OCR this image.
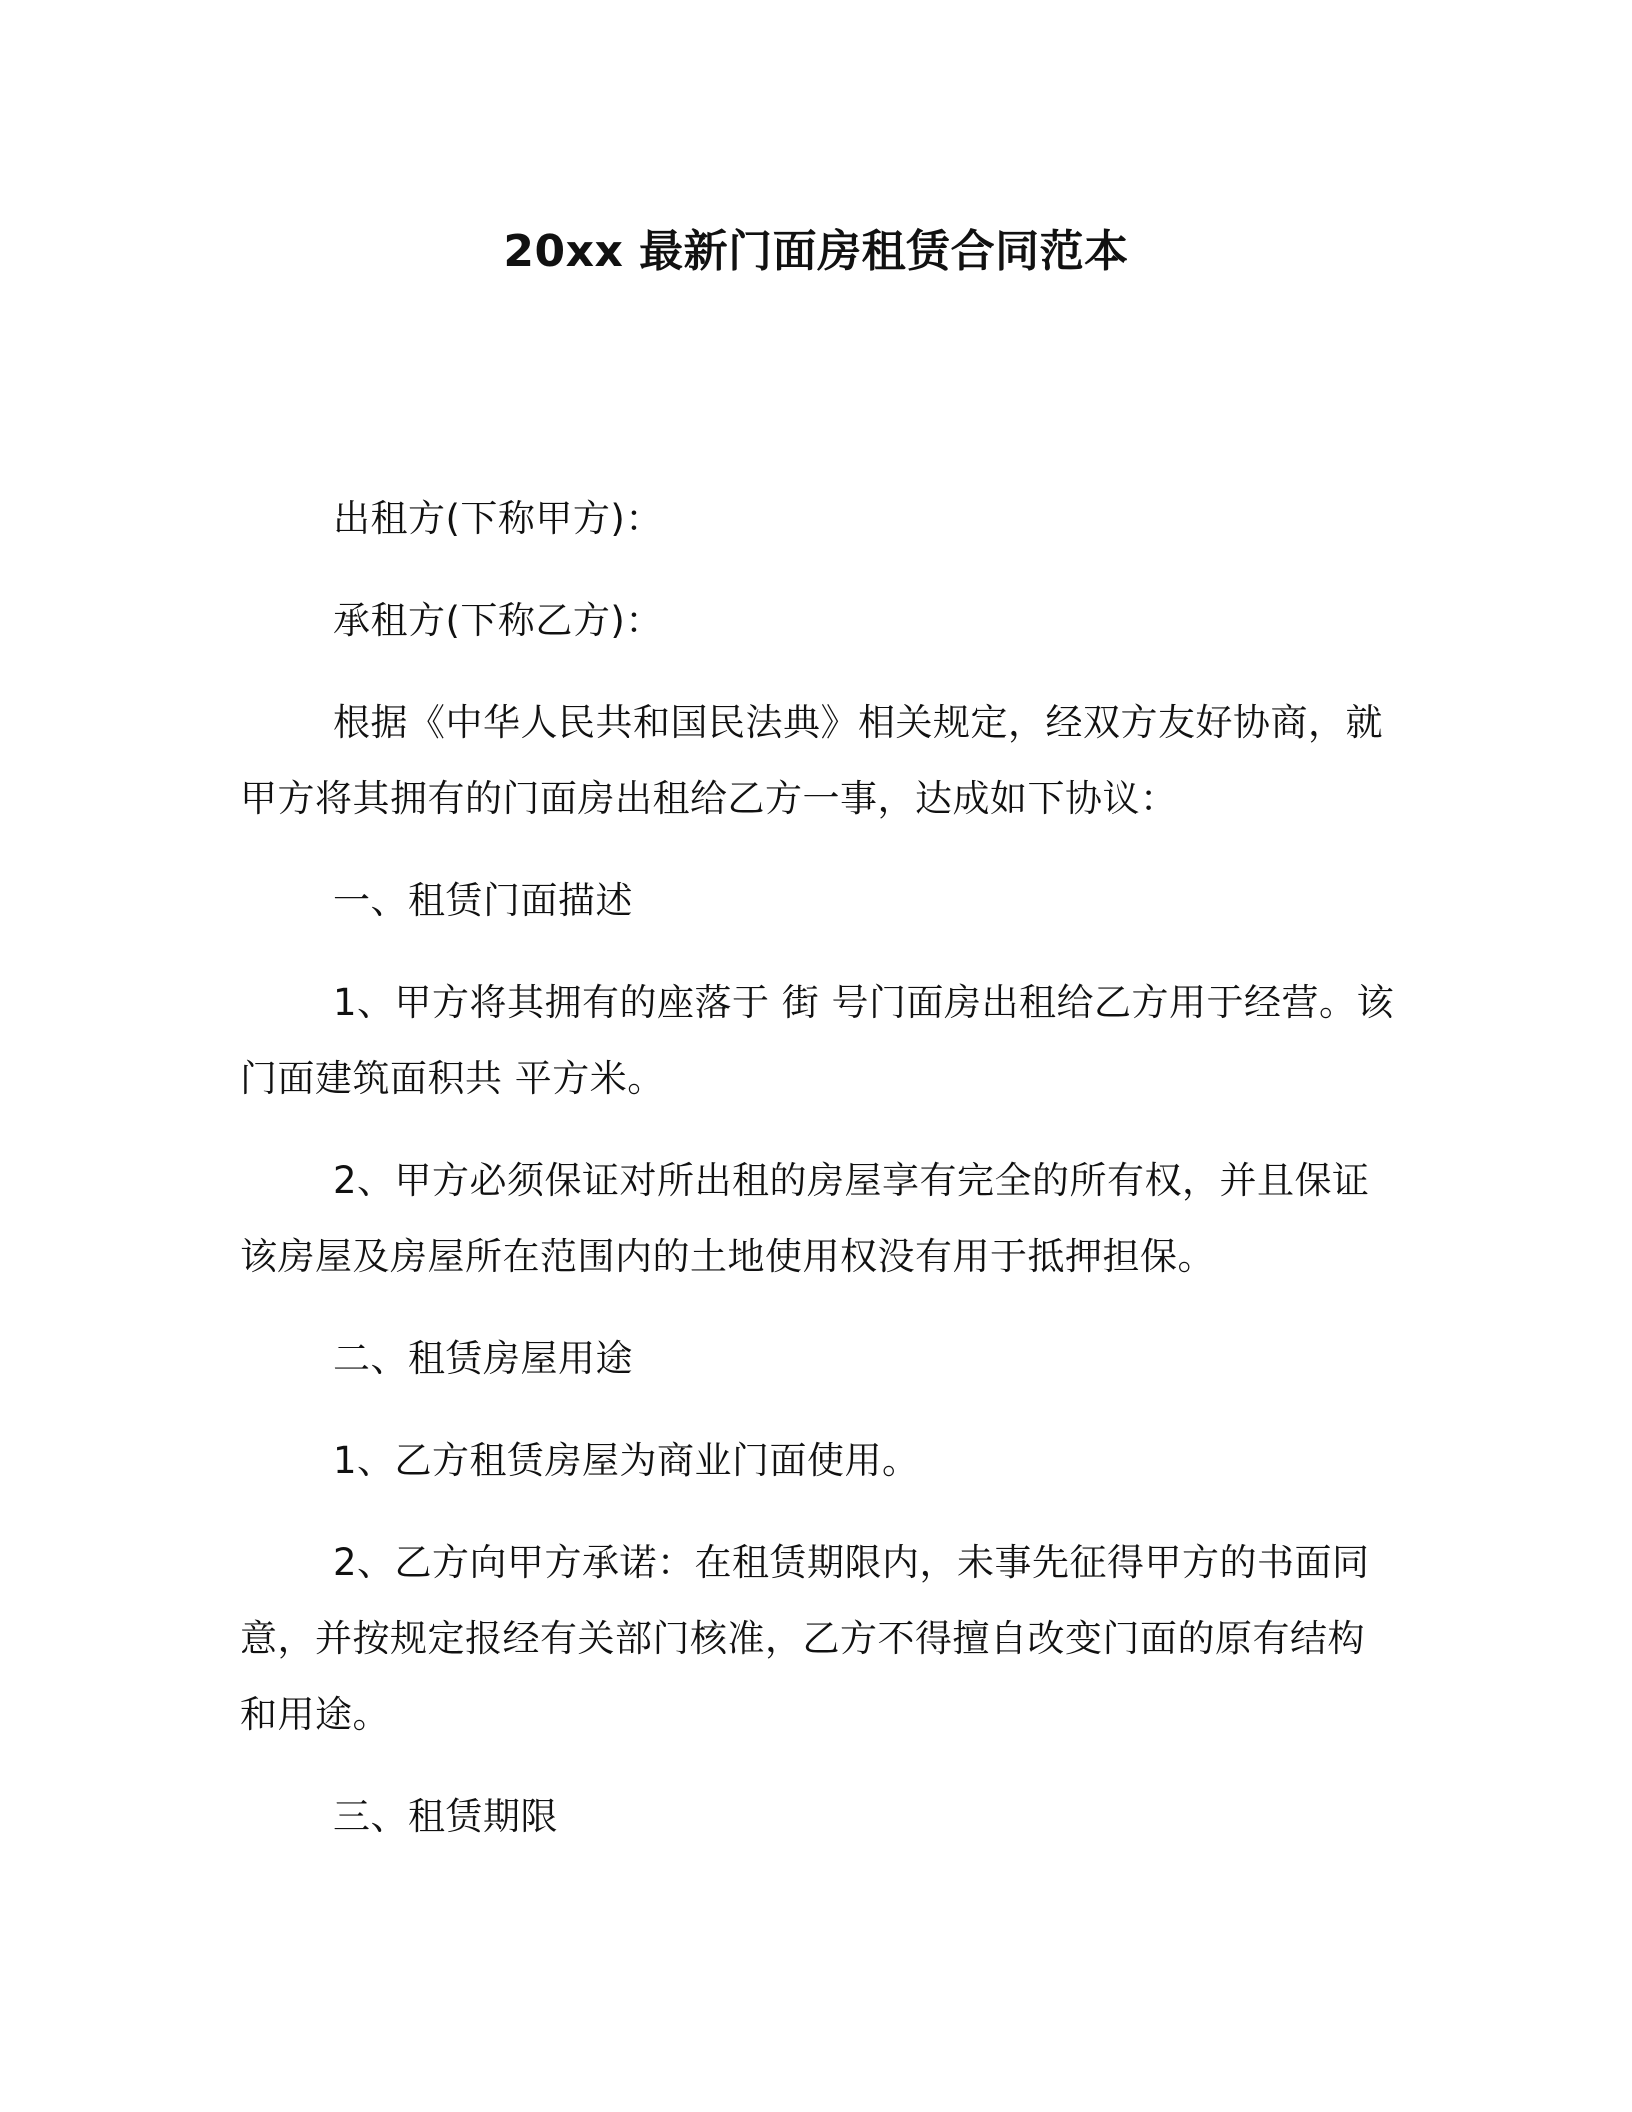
20xx 最新门面房租赁合同范本

出租方(下称甲方)：

承租方(下称乙方)：

根据《中华人民共和国民法典》相关规定，经双方友好协商，就

甲方将其拥有的门面房出租给乙方一事，达成如下协议：

一、租赁门面描述

1、甲方将其拥有的座落于 街 号门面房出租给乙方用于经营。该

门面建筑面积共 平方米。

2、甲方必须保证对所出租的房屋享有完全的所有权，并且保证

该房屋及房屋所在范围内的土地使用权没有用于抵押担保。

二、租赁房屋用途

1、乙方租赁房屋为商业门面使用。

2、乙方向甲方承诺：在租赁期限内，未事先征得甲方的书面同

意，并按规定报经有关部门核准，乙方不得擅自改变门面的原有结构

和用途。

三、租赁期限
